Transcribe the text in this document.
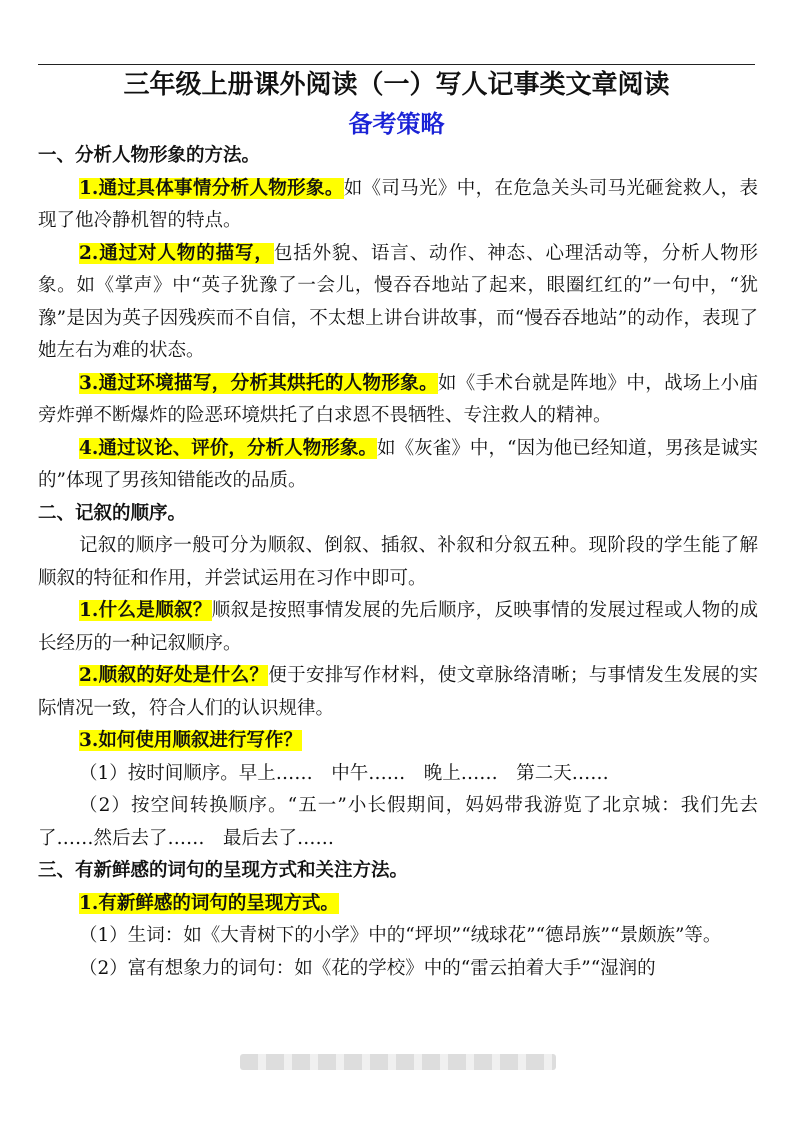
三年级上册课外阅读（一）写人记事类文章阅读
备考策略

一、分析人物形象的方法。

1.通过具体事情分析人物形象。如《司马光》中，在危急关头司马光砸瓮救人，表现了他冷静机智的特点。

2.通过对人物的描写，包括外貌、语言、动作、神态、心理活动等，分析人物形象。如《掌声》中“英子犹豫了一会儿，慢吞吞地站了起来，眼圈红红的”一句中，“犹豫”是因为英子因残疾而不自信，不太想上讲台讲故事，而“慢吞吞地站”的动作，表现了她左右为难的状态。

3.通过环境描写，分析其烘托的人物形象。如《手术台就是阵地》中，战场上小庙旁炸弹不断爆炸的险恶环境烘托了白求恩不畏牺牲、专注救人的精神。

4.通过议论、评价，分析人物形象。如《灰雀》中，“因为他已经知道，男孩是诚实的”体现了男孩知错能改的品质。

二、记叙的顺序。

记叙的顺序一般可分为顺叙、倒叙、插叙、补叙和分叙五种。现阶段的学生能了解顺叙的特征和作用，并尝试运用在习作中即可。

1.什么是顺叙？顺叙是按照事情发展的先后顺序，反映事情的发展过程或人物的成长经历的一种记叙顺序。

2.顺叙的好处是什么？便于安排写作材料，使文章脉络清晰；与事情发生发展的实际情况一致，符合人们的认识规律。

3.如何使用顺叙进行写作？

（1）按时间顺序。早上……　中午……　晚上……　第二天……

（2）按空间转换顺序。“五一”小长假期间，妈妈带我游览了北京城：我们先去了……然后去了……　最后去了……

三、有新鲜感的词句的呈现方式和关注方法。

1.有新鲜感的词句的呈现方式。

（1）生词：如《大青树下的小学》中的“坪坝”“绒球花”“德昂族”“景颇族”等。

（2）富有想象力的词句：如《花的学校》中的“雷云拍着大手”“湿润的
